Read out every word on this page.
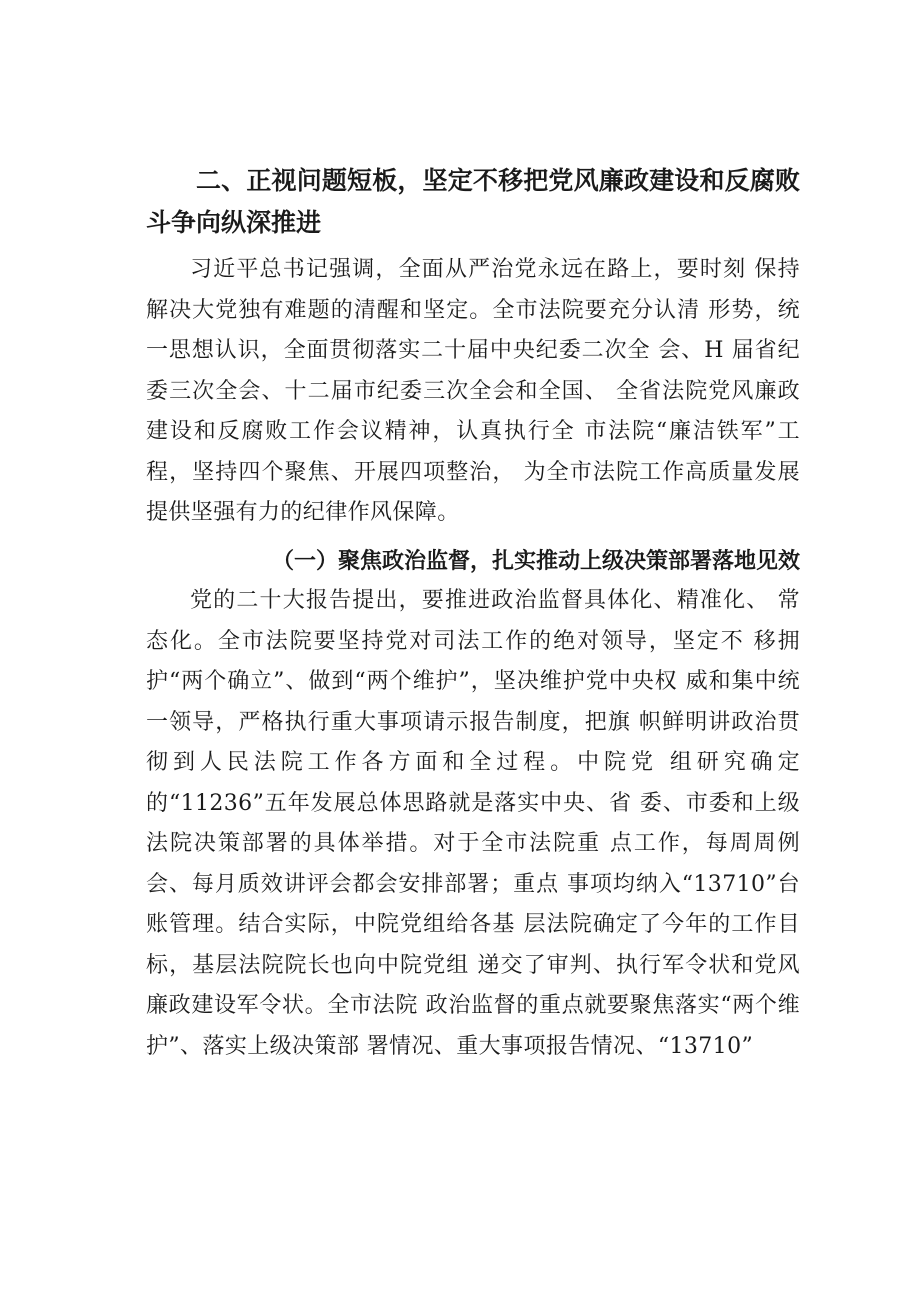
二、正视问题短板，坚定不移把党风廉政建设和反腐败斗争向纵深推进

习近平总书记强调，全面从严治党永远在路上，要时刻 保持解决大党独有难题的清醒和坚定。全市法院要充分认清 形势，统一思想认识，全面贯彻落实二十届中央纪委二次全 会、H 届省纪委三次全会、十二届市纪委三次全会和全国、 全省法院党风廉政建设和反腐败工作会议精神，认真执行全 市法院“廉洁铁军”工程，坚持四个聚焦、开展四项整治， 为全市法院工作高质量发展提供坚强有力的纪律作风保障。

（一）聚焦政治监督，扎实推动上级决策部署落地见效

党的二十大报告提出，要推进政治监督具体化、精准化、 常态化。全市法院要坚持党对司法工作的绝对领导，坚定不 移拥护“两个确立”、做到“两个维护”，坚决维护党中央权 威和集中统一领导，严格执行重大事项请示报告制度，把旗 帜鲜明讲政治贯彻到人民法院工作各方面和全过程。中院党 组研究确定的“11236”五年发展总体思路就是落实中央、省 委、市委和上级法院决策部署的具体举措。对于全市法院重 点工作，每周周例会、每月质效讲评会都会安排部署；重点 事项均纳入“13710”台账管理。结合实际，中院党组给各基 层法院确定了今年的工作目标，基层法院院长也向中院党组 递交了审判、执行军令状和党风廉政建设军令状。全市法院 政治监督的重点就要聚焦落实“两个维护”、落实上级决策部 署情况、重大事项报告情况、“13710”
